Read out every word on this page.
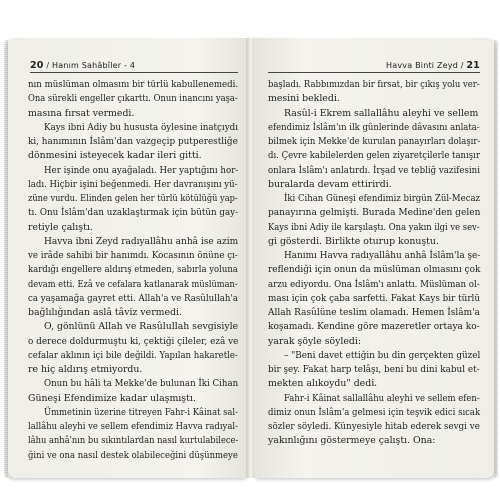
20 / Hanım Sahâbîler - 4
nın müslüman olmasını bir türlü kabullenemedi.
Ona sürekli engeller çıkarttı. Onun inancını yaşa-
masına fırsat vermedi.
Kays ibni Adiy bu hususta öylesine inatçıydı
ki, hanımının İslâm'dan vazgeçip putperestliğe
dönmesini isteyecek kadar ileri gitti.
Her işinde onu ayağaladı. Her yaptığını hor-
ladı. Hiçbir işini beğenmedi. Her davranışını yü-
züne vurdu. Elinden gelen her türlü kötülüğü yap-
tı. Onu İslâm'dan uzaklaştırmak için bütün gay-
retiyle çalıştı.
Havva ibni Zeyd radıyallâhu anhâ ise azim
ve irâde sahibi bir hanımdı. Kocasının önüne çı-
kardığı engellere aldırış etmeden, sabırla yoluna
devam etti. Ezâ ve cefalara katlanarak müslüman-
ca yaşamağa gayret etti. Allah'a ve Rasûlullah'a
bağlılığından aslâ tâviz vermedi.
O, gönlünü Allah ve Rasûlullah sevgisiyle
o derece doldurmuştu ki, çektiği çileler, ezâ ve
cefalar aklının içi bile değildi. Yapılan hakaretle-
re hiç aldırış etmiyordu.
Onun bu hâli ta Mekke'de bulunan İki Cihan
Güneşi Efendimize kadar ulaşmıştı.
Ümmetinin üzerine titreyen Fahr-i Kâinat sal-
lallâhu aleyhi ve sellem efendimiz Havva radıyal-
lâhu anhâ'nın bu sıkıntılardan nasıl kurtulabilece-
ğini ve ona nasıl destek olabileceğini düşünmeye
Havva Binti Zeyd / 21
başladı. Rabbımızdan bir fırsat, bir çıkış yolu ver-
mesini bekledi.
Rasûl-i Ekrem sallallâhu aleyhi ve sellem
efendimiz İslâm'ın ilk günlerinde dâvasını anlata-
bilmek için Mekke'de kurulan panayırları dolaşır-
dı. Çevre kabilelerden gelen ziyaretçilerle tanışır
onlara İslâm'ı anlatırdı. İrşad ve tebliğ vazifesini
buralarda devam ettirirdi.
İki Cihan Güneşi efendimiz birgün Zül-Mecaz
panayırına gelmişti. Burada Medine'den gelen
Kays ibni Adiy ile karşılaştı. Ona yakın ilgi ve sev-
gi gösterdi. Birlikte oturup konuştu.
Hanımı Havva radıyallâhu anhâ İslâm'la şe-
reflendiği için onun da müslüman olmasını çok
arzu ediyordu. Ona İslâm'ı anlattı. Müslüman ol-
ması için çok çaba sarfetti. Fakat Kays bir türlü
Allah Rasûlüne teslim olamadı. Hemen İslâm'a
koşamadı. Kendine göre mazeretler ortaya ko-
yarak şöyle söyledi:
– "Beni davet ettiğin bu din gerçekten güzel
bir şey. Fakat harp telâşı, beni bu dini kabul et-
mekten alıkoydu" dedi.
Fahr-i Kâinat sallallâhu aleyhi ve sellem efen-
dimiz onun İslâm'a gelmesi için teşvik edici sıcak
sözler söyledi. Künyesiyle hitab ederek sevgi ve
yakınlığını göstermeye çalıştı. Ona:
